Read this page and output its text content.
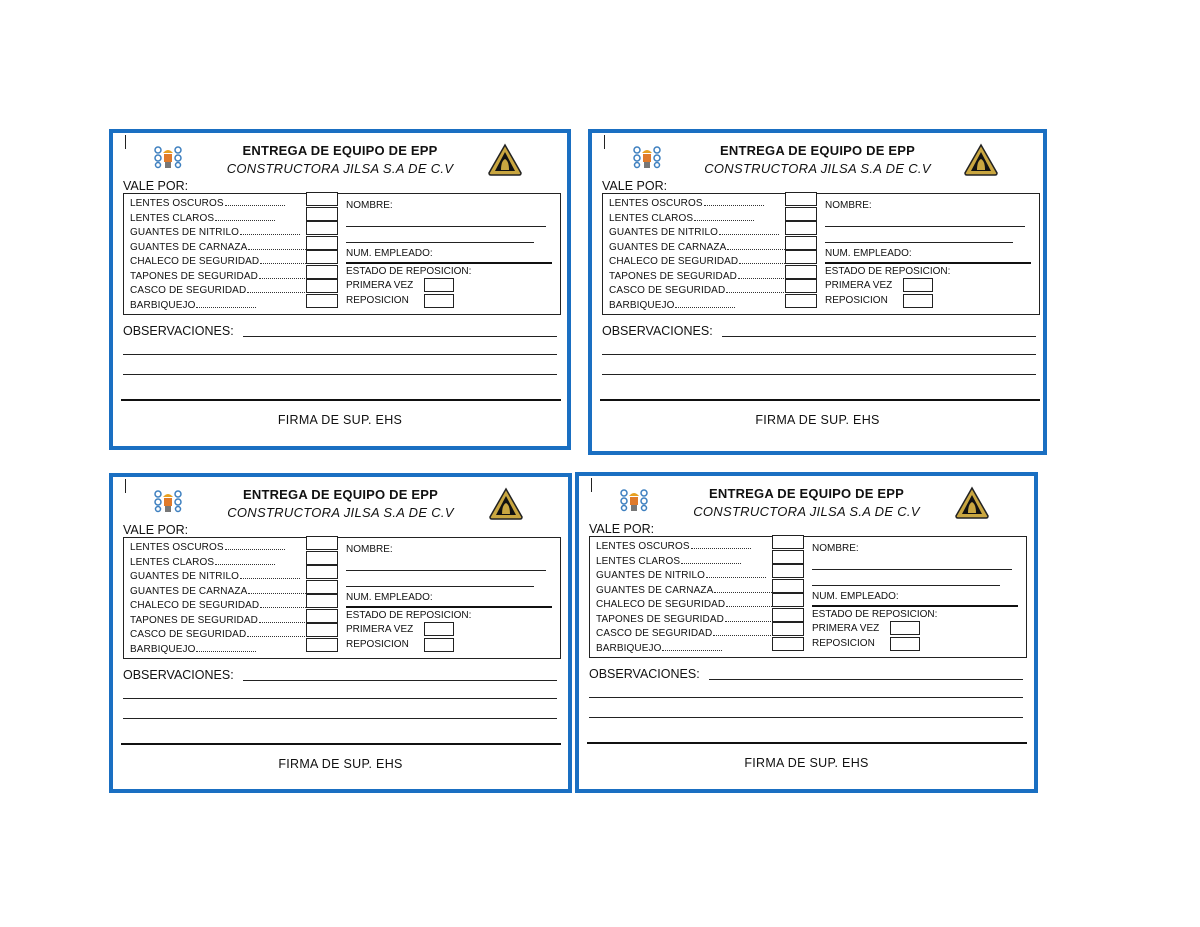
ENTREGA DE EQUIPO DE EPP
CONSTRUCTORA JILSA S.A DE C.V
VALE POR:
LENTES OSCUROS
LENTES CLAROS
GUANTES DE NITRILO
GUANTES DE CARNAZA
CHALECO DE SEGURIDAD
TAPONES DE SEGURIDAD
CASCO DE SEGURIDAD
BARBIQUEJO
NOMBRE:
NUM. EMPLEADO:
ESTADO DE REPOSICION:
PRIMERA VEZ
REPOSICION
OBSERVACIONES:
FIRMA DE SUP. EHS
ENTREGA DE EQUIPO DE EPP
CONSTRUCTORA JILSA S.A DE C.V
VALE POR:
LENTES OSCUROS
LENTES CLAROS
GUANTES DE NITRILO
GUANTES DE CARNAZA
CHALECO DE SEGURIDAD
TAPONES DE SEGURIDAD
CASCO DE SEGURIDAD
BARBIQUEJO
NOMBRE:
NUM. EMPLEADO:
ESTADO DE REPOSICION:
PRIMERA VEZ
REPOSICION
OBSERVACIONES:
FIRMA DE SUP. EHS
ENTREGA DE EQUIPO DE EPP
CONSTRUCTORA JILSA S.A DE C.V
VALE POR:
LENTES OSCUROS
LENTES CLAROS
GUANTES DE NITRILO
GUANTES DE CARNAZA
CHALECO DE SEGURIDAD
TAPONES DE SEGURIDAD
CASCO DE SEGURIDAD
BARBIQUEJO
NOMBRE:
NUM. EMPLEADO:
ESTADO DE REPOSICION:
PRIMERA VEZ
REPOSICION
OBSERVACIONES:
FIRMA DE SUP. EHS
ENTREGA DE EQUIPO DE EPP
CONSTRUCTORA JILSA S.A DE C.V
VALE POR:
LENTES OSCUROS
LENTES CLAROS
GUANTES DE NITRILO
GUANTES DE CARNAZA
CHALECO DE SEGURIDAD
TAPONES DE SEGURIDAD
CASCO DE SEGURIDAD
BARBIQUEJO
NOMBRE:
NUM. EMPLEADO:
ESTADO DE REPOSICION:
PRIMERA VEZ
REPOSICION
OBSERVACIONES:
FIRMA DE SUP. EHS
